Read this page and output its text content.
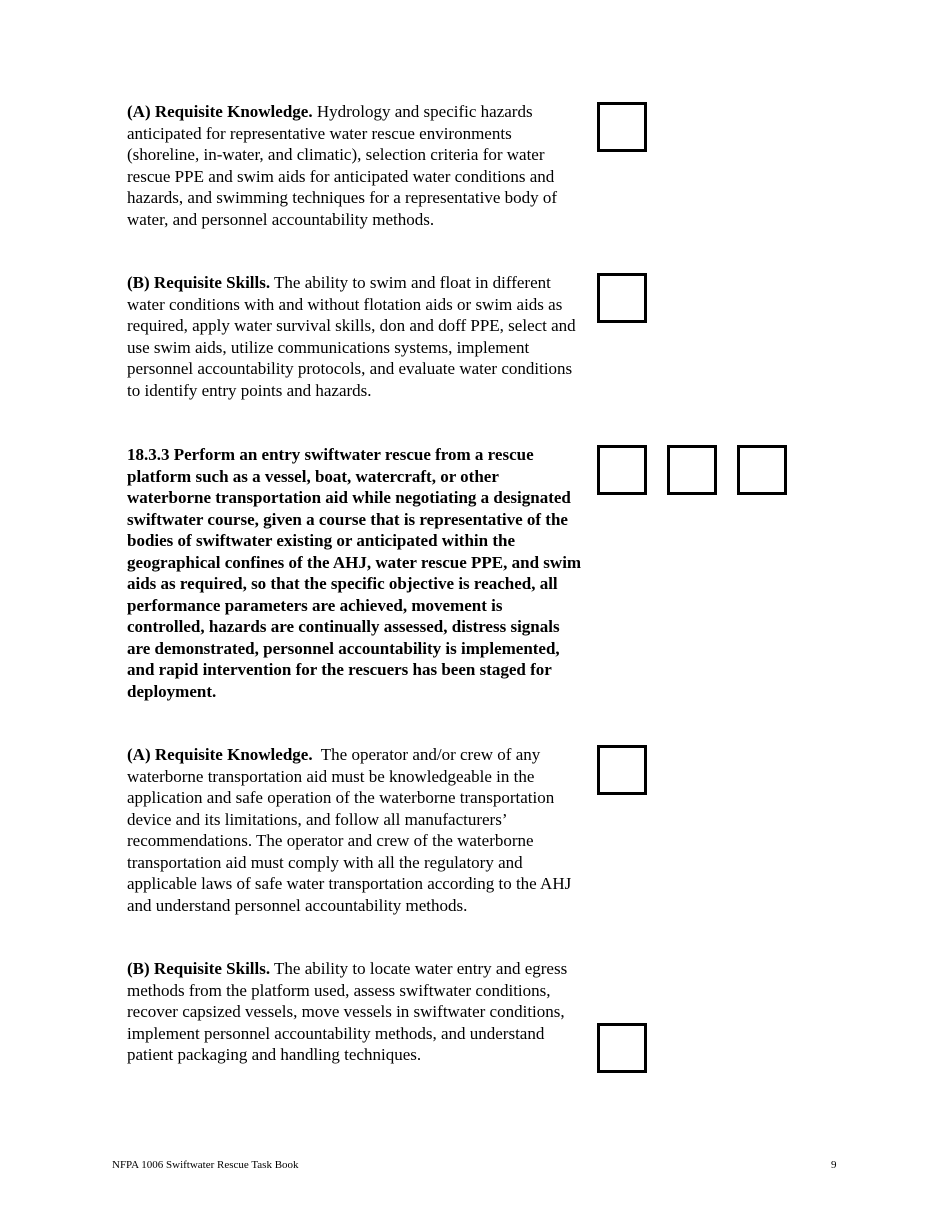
(A) Requisite Knowledge. Hydrology and specific hazards anticipated for representative water rescue environments (shoreline, in-water, and climatic), selection criteria for water rescue PPE and swim aids for anticipated water conditions and hazards, and swimming techniques for a representative body of water, and personnel accountability methods.
(B) Requisite Skills. The ability to swim and float in different water conditions with and without flotation aids or swim aids as required, apply water survival skills, don and doff PPE, select and use swim aids, utilize communications systems, implement personnel accountability protocols, and evaluate water conditions to identify entry points and hazards.
18.3.3 Perform an entry swiftwater rescue from a rescue platform such as a vessel, boat, watercraft, or other waterborne transportation aid while negotiating a designated swiftwater course, given a course that is representative of the bodies of swiftwater existing or anticipated within the geographical confines of the AHJ, water rescue PPE, and swim aids as required, so that the specific objective is reached, all performance parameters are achieved, movement is controlled, hazards are continually assessed, distress signals are demonstrated, personnel accountability is implemented, and rapid intervention for the rescuers has been staged for deployment.
(A) Requisite Knowledge.  The operator and/or crew of any waterborne transportation aid must be knowledgeable in the application and safe operation of the waterborne transportation device and its limitations, and follow all manufacturers’ recommendations. The operator and crew of the waterborne transportation aid must comply with all the regulatory and applicable laws of safe water transportation according to the AHJ and understand personnel accountability methods.
(B) Requisite Skills. The ability to locate water entry and egress methods from the platform used, assess swiftwater conditions, recover capsized vessels, move vessels in swiftwater conditions, implement personnel accountability methods, and understand patient packaging and handling techniques.
NFPA 1006 Swiftwater Rescue Task Book	9
